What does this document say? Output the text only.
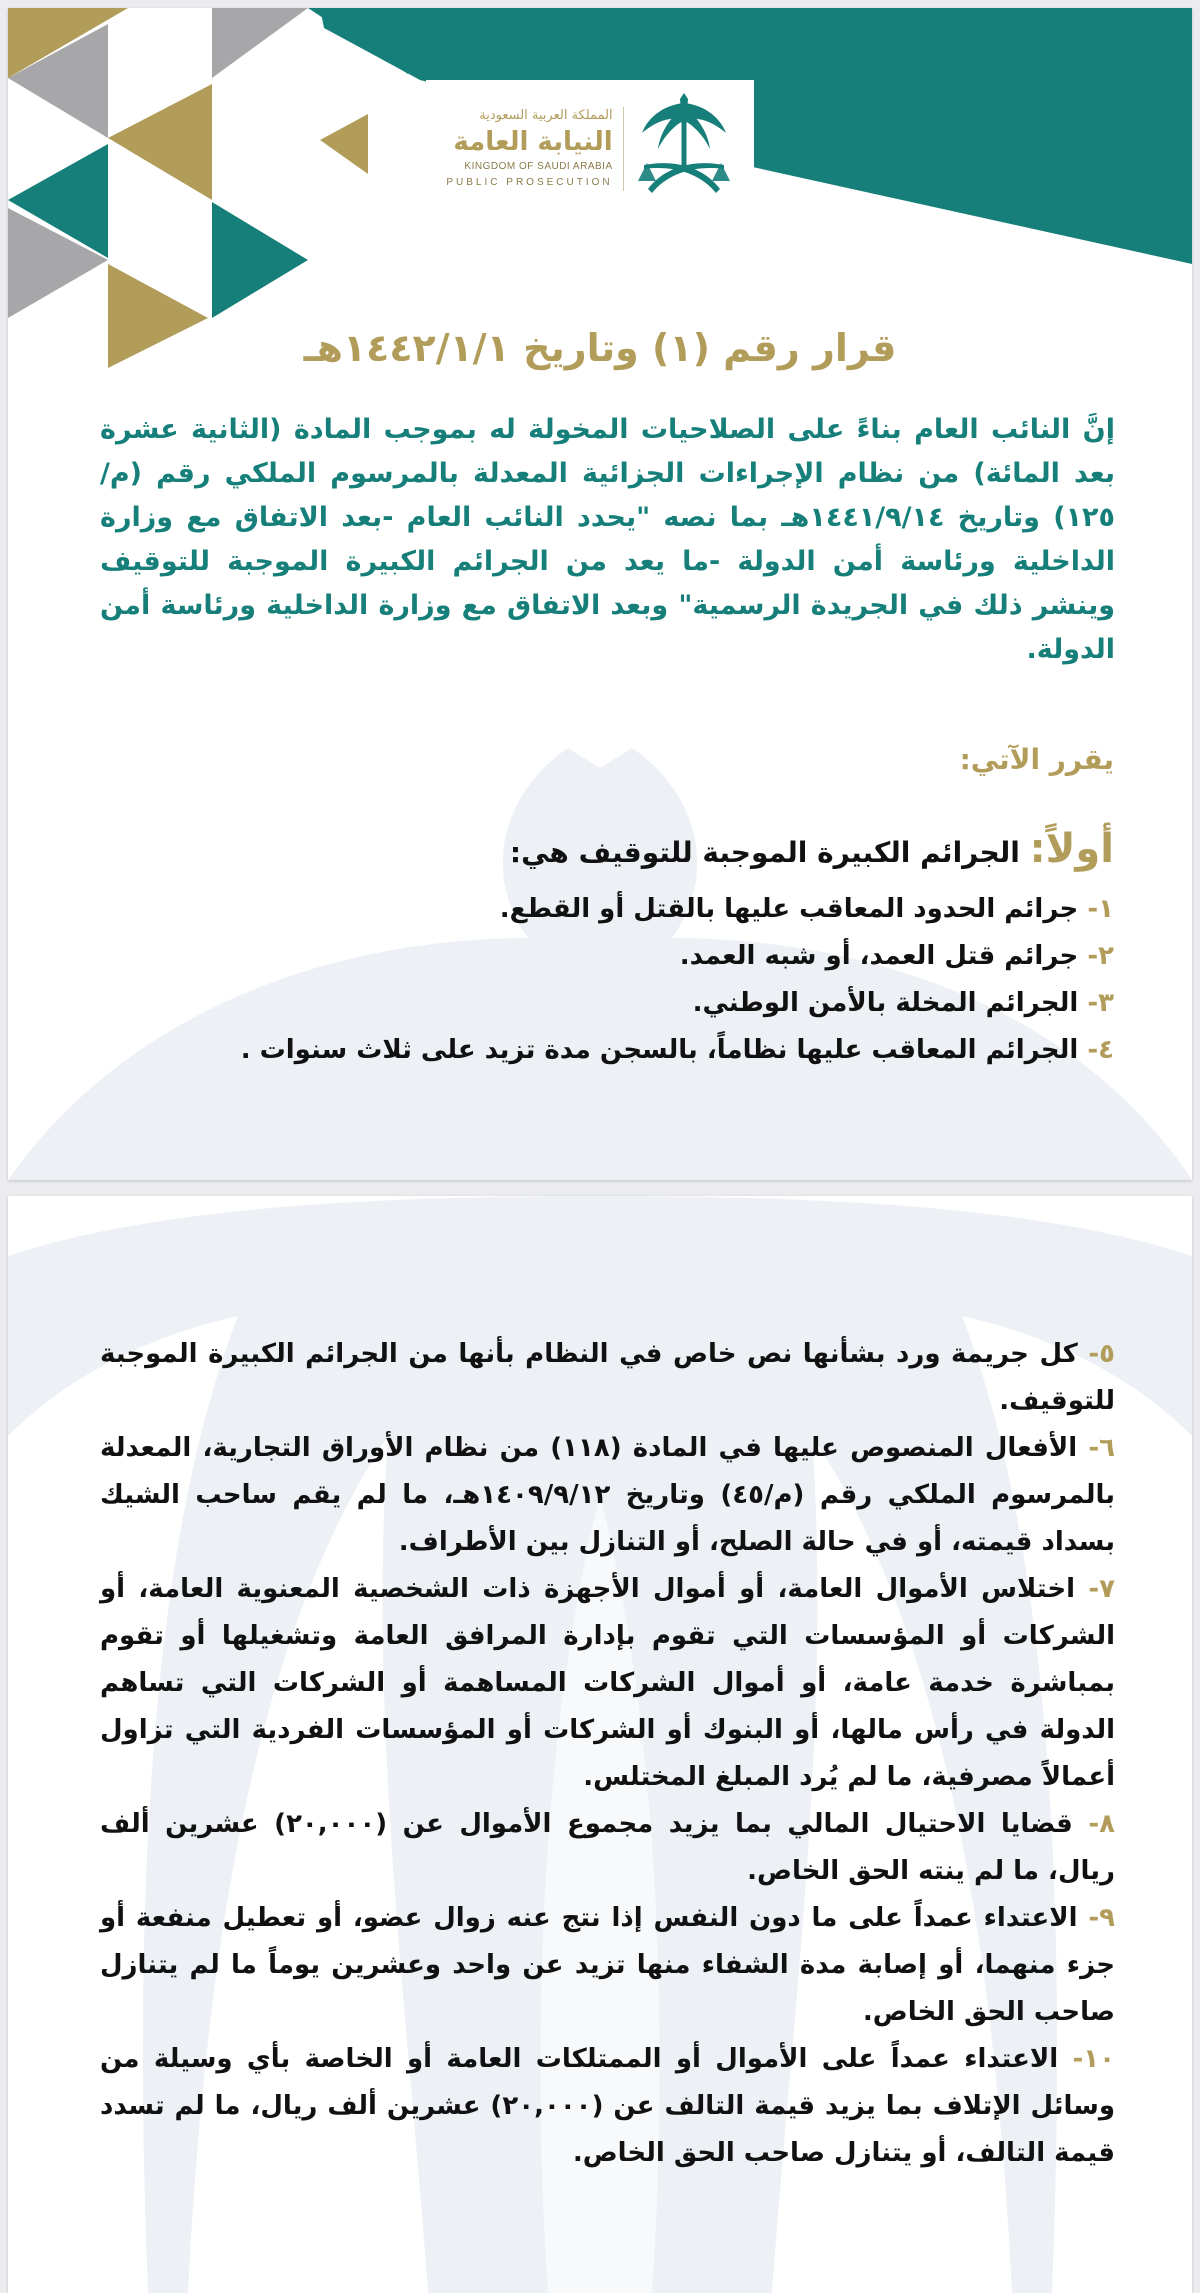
المملكة العربية السعودية
النيابة العامة
KINGDOM OF SAUDI ARABIA
PUBLIC PROSECUTION
قرار رقم (١) وتاريخ ١٤٤٢/١/١هـ
إنَّ النائب العام بناءً على الصلاحيات المخولة له بموجب المادة (الثانية عشرة بعد المائة) من نظام الإجراءات الجزائية المعدلة بالمرسوم الملكي رقم (م/١٢٥) وتاريخ ١٤٤١/٩/١٤هـ بما نصه "يحدد النائب العام -بعد الاتفاق مع وزارة الداخلية ورئاسة أمن الدولة -ما يعد من الجرائم الكبيرة الموجبة للتوقيف وينشر ذلك في الجريدة الرسمية" وبعد الاتفاق مع وزارة الداخلية ورئاسة أمن الدولة.
يقرر الآتي:
أولاً: الجرائم الكبيرة الموجبة للتوقيف هي:
١- جرائم الحدود المعاقب عليها بالقتل أو القطع.
٢- جرائم قتل العمد، أو شبه العمد.
٣- الجرائم المخلة بالأمن الوطني.
٤- الجرائم المعاقب عليها نظاماً، بالسجن مدة تزيد على ثلاث سنوات .
٥- كل جريمة ورد بشأنها نص خاص في النظام بأنها من الجرائم الكبيرة الموجبة للتوقيف.
٦- الأفعال المنصوص عليها في المادة (١١٨) من نظام الأوراق التجارية، المعدلة بالمرسوم الملكي رقم (م/٤٥) وتاريخ ١٤٠٩/٩/١٢هـ، ما لم يقم ساحب الشيك بسداد قيمته، أو في حالة الصلح، أو التنازل بين الأطراف.
٧- اختلاس الأموال العامة، أو أموال الأجهزة ذات الشخصية المعنوية العامة، أو الشركات أو المؤسسات التي تقوم بإدارة المرافق العامة وتشغيلها أو تقوم بمباشرة خدمة عامة، أو أموال الشركات المساهمة أو الشركات التي تساهم الدولة في رأس مالها، أو البنوك أو الشركات أو المؤسسات الفردية التي تزاول أعمالاً مصرفية، ما لم يُرد المبلغ المختلس.
٨- قضايا الاحتيال المالي بما يزيد مجموع الأموال عن (٢٠,٠٠٠) عشرين ألف ريال، ما لم ينته الحق الخاص.
٩- الاعتداء عمداً على ما دون النفس إذا نتج عنه زوال عضو، أو تعطيل منفعة أو جزء منهما، أو إصابة مدة الشفاء منها تزيد عن واحد وعشرين يوماً ما لم يتنازل صاحب الحق الخاص.
١٠- الاعتداء عمداً على الأموال أو الممتلكات العامة أو الخاصة بأي وسيلة من وسائل الإتلاف بما يزيد قيمة التالف عن (٢٠,٠٠٠) عشرين ألف ريال، ما لم تسدد قيمة التالف، أو يتنازل صاحب الحق الخاص.
